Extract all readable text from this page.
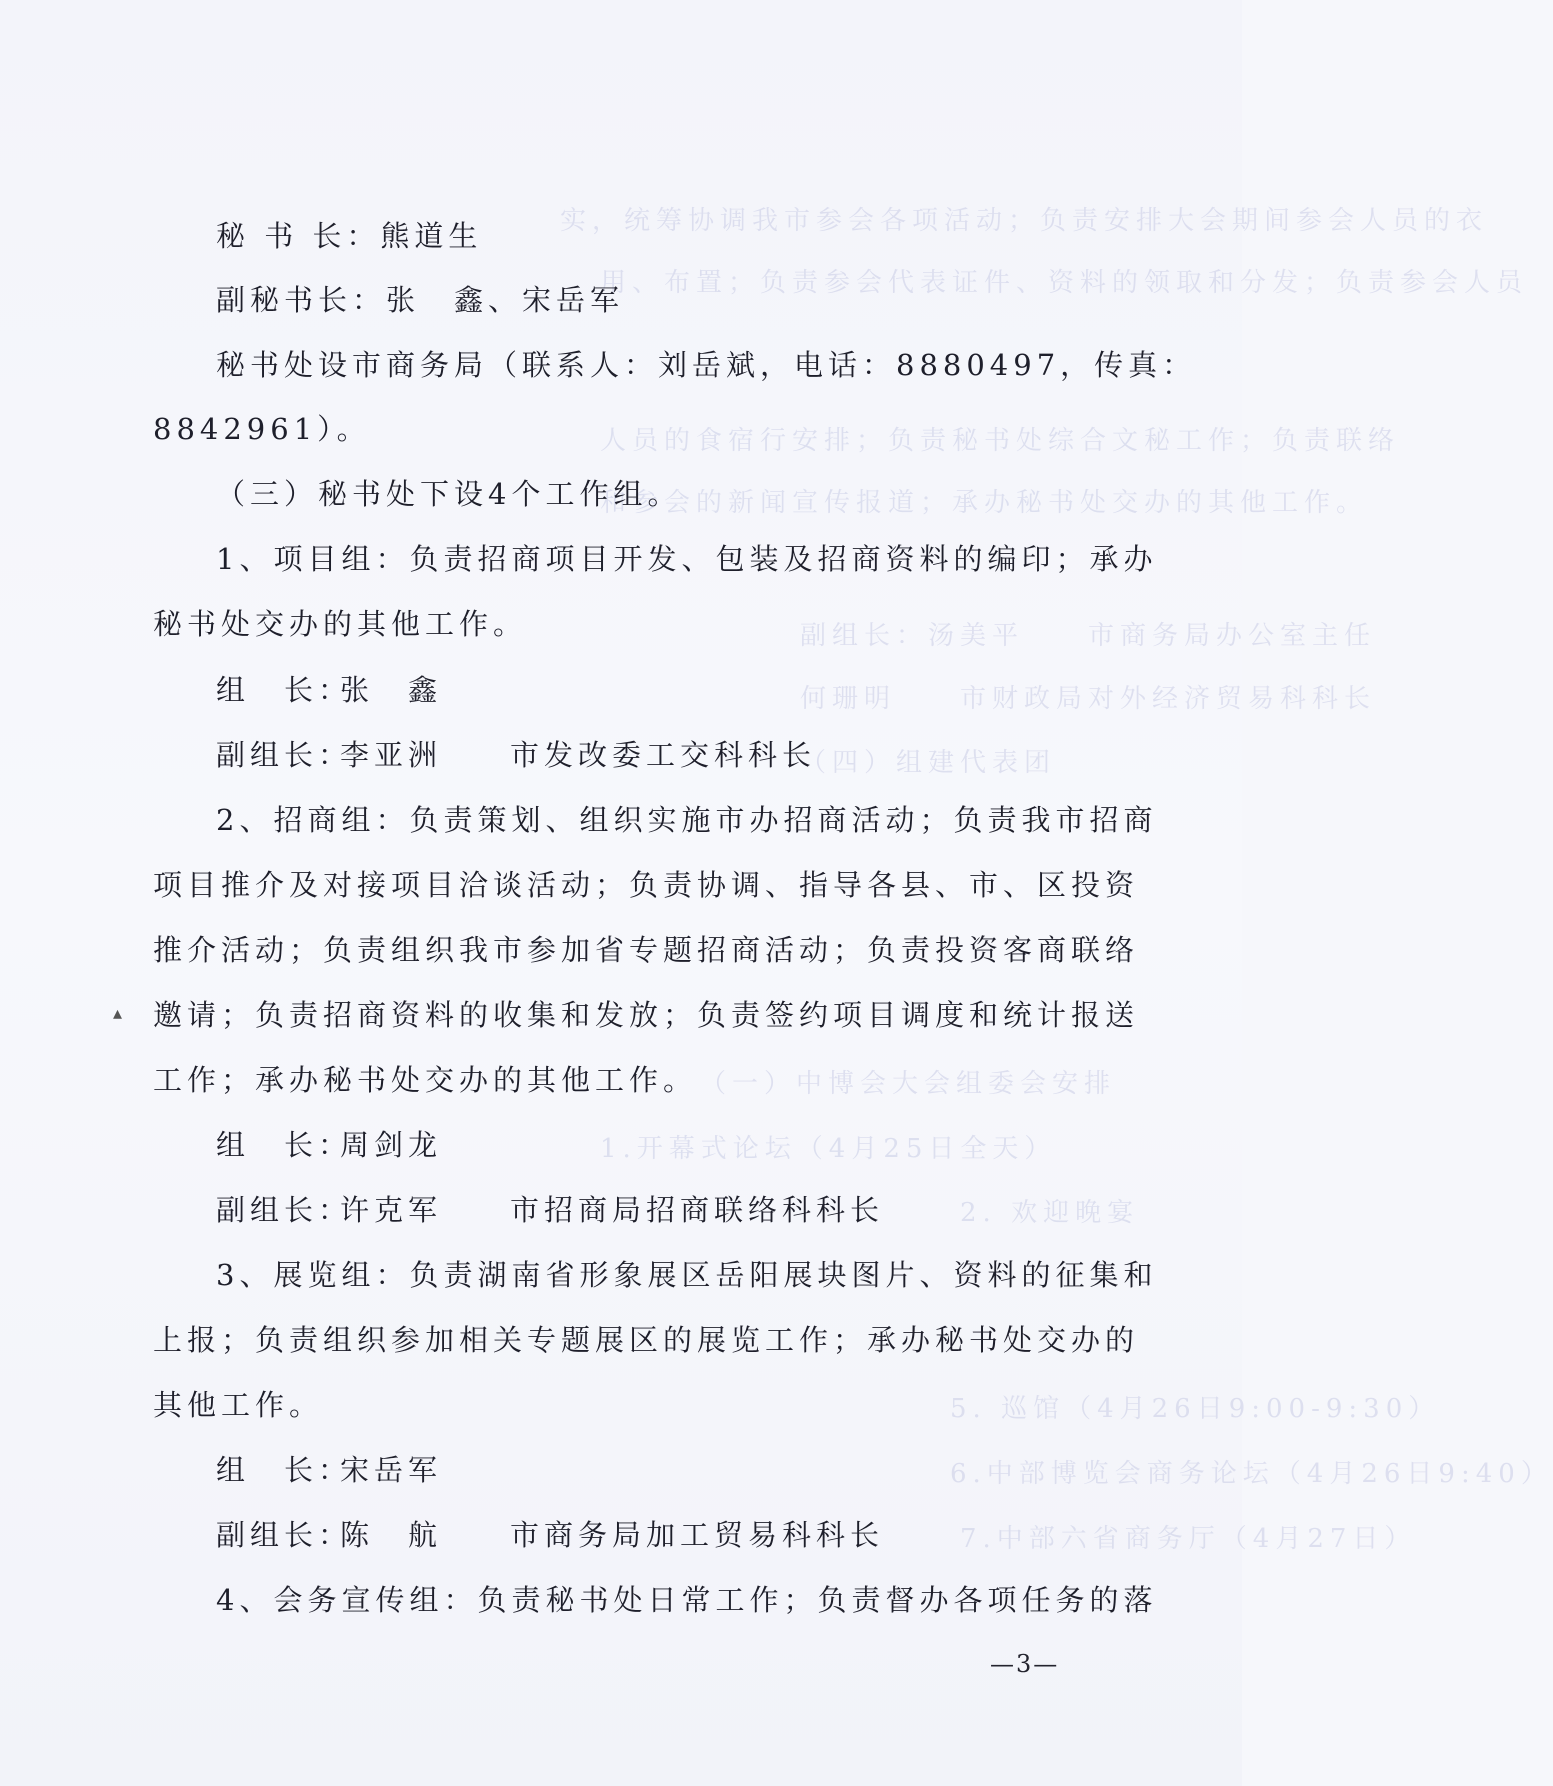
实，统筹协调我市参会各项活动；负责安排大会期间参会人员的衣
用、布置；负责参会代表证件、资料的领取和分发；负责参会人员
人员的食宿行安排；负责秘书处综合文秘工作；负责联络
和参会的新闻宣传报道；承办秘书处交办的其他工作。
副组长：汤美平　　市商务局办公室主任
何珊明　　市财政局对外经济贸易科科长
（四）组建代表团
（一）中博会大会组委会安排
1.开幕式论坛（4月25日全天）
2. 欢迎晚宴
5. 巡馆（4月26日9:00-9:30）
6.中部博览会商务论坛（4月26日9:40）
7.中部六省商务厅（4月27日）
秘 书 长：熊道生
副秘书长：张　鑫、宋岳军
秘书处设市商务局（联系人：刘岳斌，电话：8880497，传真：
8842961）。
（三）秘书处下设4个工作组。
1、项目组：负责招商项目开发、包装及招商资料的编印；承办
秘书处交办的其他工作。
组　长：张　鑫
副组长：李亚洲 市发改委工交科科长
2、招商组：负责策划、组织实施市办招商活动；负责我市招商
项目推介及对接项目洽谈活动；负责协调、指导各县、市、区投资
推介活动；负责组织我市参加省专题招商活动；负责投资客商联络
邀请；负责招商资料的收集和发放；负责签约项目调度和统计报送
工作；承办秘书处交办的其他工作。
组　长：周剑龙
副组长：许克军 市招商局招商联络科科长
3、展览组：负责湖南省形象展区岳阳展块图片、资料的征集和
上报；负责组织参加相关专题展区的展览工作；承办秘书处交办的
其他工作。
组　长：宋岳军
副组长：陈　航 市商务局加工贸易科科长
4、会务宣传组：负责秘书处日常工作；负责督办各项任务的落
▴
—3—
